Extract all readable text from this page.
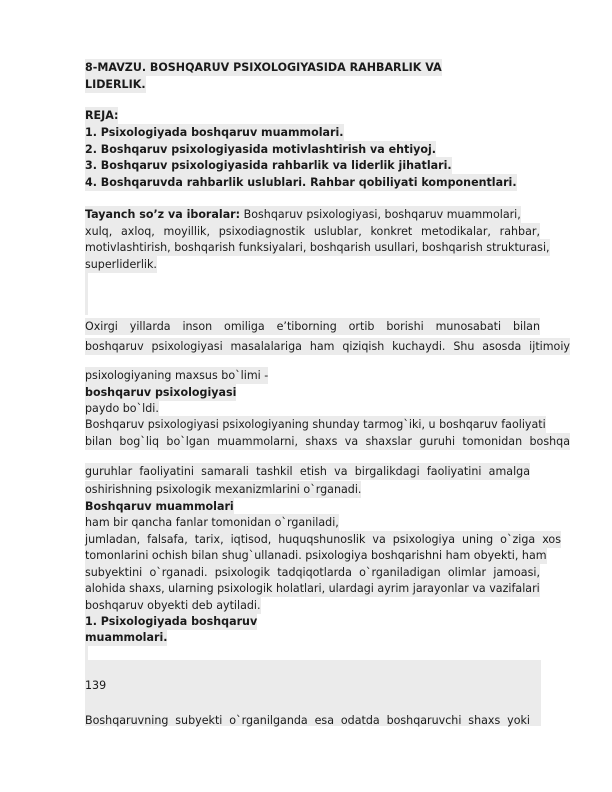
8-MAVZU. BOSHQARUV PSIXOLOGIYASIDA RAHBARLIK VA
LIDERLIK.
REJA:
1. Psixologiyada boshqaruv muammolari.
2. Boshqaruv psixologiyasida motivlashtirish va ehtiyoj.
3. Boshqaruv psixologiyasida rahbarlik va liderlik jihatlari.
4. Boshqaruvda rahbarlik uslublari. Rahbar qobiliyati komponentlari.
Tayanch so’z va iboralar: Boshqaruv psixologiyasi, boshqaruv muammolari,
xulq, axloq, moyillik, psixodiagnostik uslublar, konkret metodikalar, rahbar,
motivlashtirish, boshqarish funksiyalari, boshqarish usullari, boshqarish strukturasi,
superliderlik.
Oxirgi yillarda inson omiliga e’tiborning ortib borishi munosabati bilan
boshqaruv psixologiyasi masalalariga ham qiziqish kuchaydi. Shu asosda ijtimoiy
psixologiyaning maxsus bo`limi -
boshqaruv psixologiyasi
paydo bo`ldi.
Boshqaruv psixologiyasi psixologiyaning shunday tarmog`iki, u boshqaruv faoliyati
bilan bog`liq bo`lgan muammolarni, shaxs va shaxslar guruhi tomonidan boshqa
guruhlar faoliyatini samarali tashkil etish va birgalikdagi faoliyatini amalga
oshirishning psixologik mexanizmlarini o`rganadi.
Boshqaruv muammolari
ham bir qancha fanlar tomonidan o`rganiladi,
jumladan, falsafa, tarix, iqtisod, huquqshunoslik va psixologiya uning o`ziga xos
tomonlarini ochish bilan shug`ullanadi. psixologiya boshqarishni ham obyekti, ham
subyektini o`rganadi. psixologik tadqiqotlarda o`rganiladigan olimlar jamoasi,
alohida shaxs, ularning psixologik holatlari, ulardagi ayrim jarayonlar va vazifalari
boshqaruv obyekti deb aytiladi.
1. Psixologiyada boshqaruv
muammolari.
139
Boshqaruvning subyekti o`rganilganda esa odatda boshqaruvchi shaxs yoki
